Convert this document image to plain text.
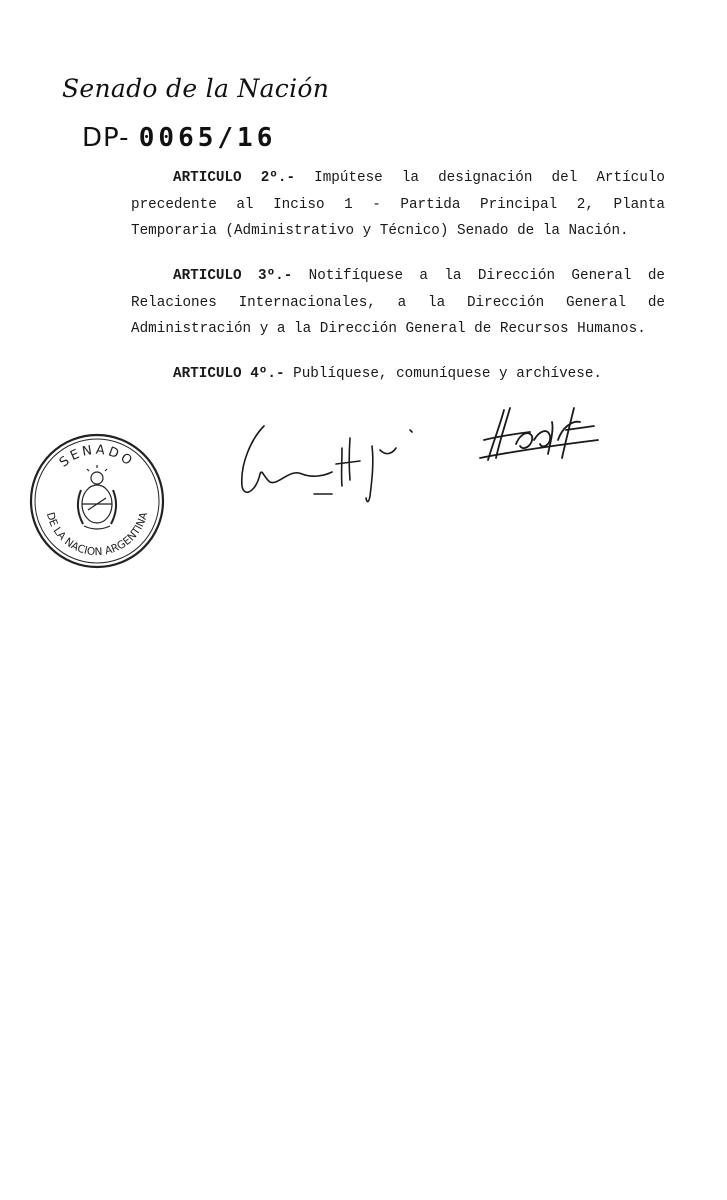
Senado de la Nación
DP- 0065/16
ARTICULO 2º.- Impútese la designación del Artículo precedente al Inciso 1 - Partida Principal 2, Planta Temporaria (Administrativo y Técnico) Senado de la Nación.
ARTICULO 3º.- Notifíquese a la Dirección General de Relaciones Internacionales, a la Dirección General de Administración y a la Dirección General de Recursos Humanos.
ARTICULO 4º.- Publíquese, comuníquese y archívese.
SENADO
DE LA NACION ARGENTINA
